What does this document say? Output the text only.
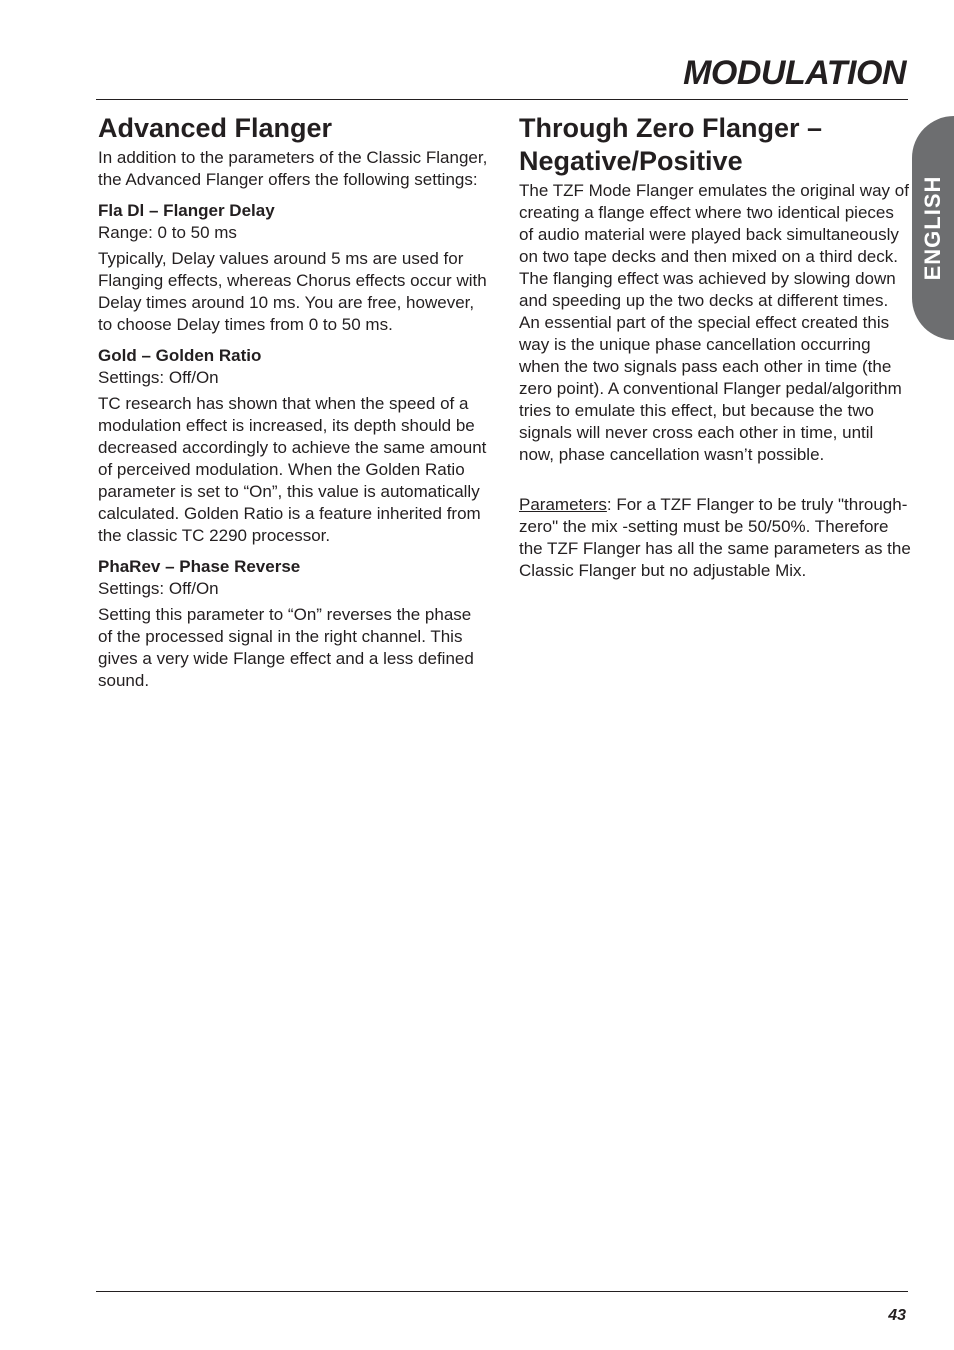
MODULATION
ENGLISH
Advanced Flanger

In addition to the parameters of the Classic Flanger, the Advanced Flanger offers the following settings:

Fla Dl – Flanger Delay

Range: 0 to 50 ms

Typically, Delay values around 5 ms are used for Flanging effects, whereas Chorus effects occur with Delay times around 10 ms. You are free, however, to choose Delay times from 0 to 50 ms.

Gold – Golden Ratio

Settings: Off/On

TC research has shown that when the speed of a modulation effect is increased, its depth should be decreased accordingly to achieve the same amount of perceived modulation. When the Golden Ratio parameter is set to “On”, this value is automatically calculated. Golden Ratio is a feature inherited from the classic TC 2290 processor.

PhaRev – Phase Reverse

Settings: Off/On

Setting this parameter to “On” reverses the phase of the processed signal in the right channel. This gives a very wide Flange effect and a less defined sound.

Through Zero Flanger – Negative/Positive

The TZF Mode Flanger emulates the original way of creating a flange effect where two identical pieces of audio material were played back simultaneously on two tape decks and then mixed on a third deck. The flanging effect was achieved by slowing down and speeding up the two decks at different times. An essential part of the special effect created this way is the unique phase cancellation occurring when the two signals pass each other in time (the zero point). A conventional Flanger pedal/algorithm tries to emulate this effect, but because the two signals will never cross each other in time, until now, phase cancellation wasn’t possible.

Parameters: For a TZF Flanger to be truly "through-zero" the mix -setting must be 50/50%. Therefore the TZF Flanger has all the same parameters as the Classic Flanger but no adjustable Mix.

43
